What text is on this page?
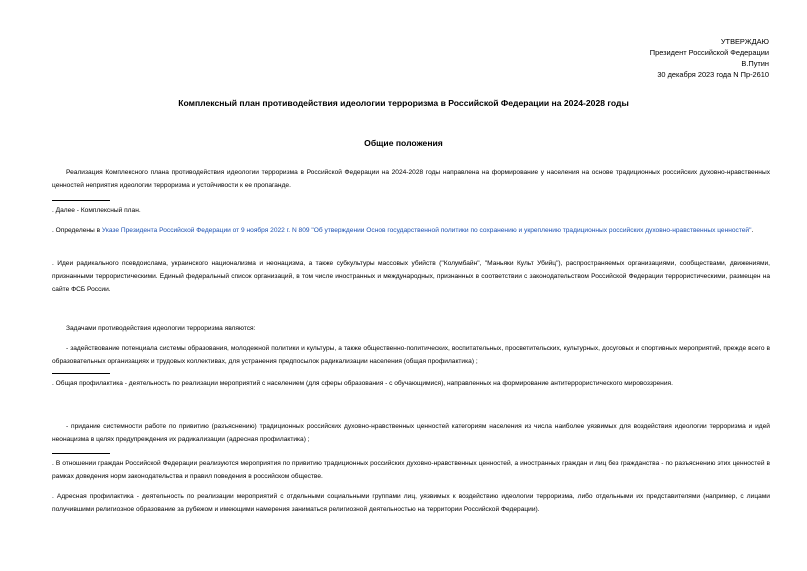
УТВЕРЖДАЮ
Президент Российской Федерации
В.Путин
30 декабря 2023 года N Пр-2610
Комплексный план противодействия идеологии терроризма в Российской Федерации на 2024-2028 годы
Общие положения
Реализация Комплексного плана противодействия идеологии терроризма в Российской Федерации на 2024-2028 годы направлена на формирование у населения на основе традиционных российских духовно-нравственных ценностей неприятия идеологии терроризма и устойчивости к ее пропаганде.
. Далее - Комплексный план.
. Определены в Указе Президента Российской Федерации от 9 ноября 2022 г. N 809 "Об утверждении Основ государственной политики по сохранению и укреплению традиционных российских духовно-нравственных ценностей".
. Идеи радикального псевдоислама, украинского национализма и неонацизма, а также субкультуры массовых убийств ("Колумбайн", "Маньяки Культ Убийц"), распространяемых организациями, сообществами, движениями, признанными террористическими. Единый федеральный список организаций, в том числе иностранных и международных, признанных в соответствии с законодательством Российской Федерации террористическими, размещен на сайте ФСБ России.
Задачами противодействия идеологии терроризма являются:
- задействование потенциала системы образования, молодежной политики и культуры, а также общественно-политических, воспитательных, просветительских, культурных, досуговых и спортивных мероприятий, прежде всего в образовательных организациях и трудовых коллективах, для устранения предпосылок радикализации населения (общая профилактика) ;
. Общая профилактика - деятельность по реализации мероприятий с населением (для сферы образования - с обучающимися), направленных на формирование антитеррористического мировоззрения.
- придание системности работе по привитию (разъяснению) традиционных российских духовно-нравственных ценностей категориям населения из числа наиболее уязвимых для воздействия идеологии терроризма и идей неонацизма в целях предупреждения их радикализации (адресная профилактика) ;
. В отношении граждан Российской Федерации реализуются мероприятия по привитию традиционных российских духовно-нравственных ценностей, а иностранных граждан и лиц без гражданства - по разъяснению этих ценностей в рамках доведения норм законодательства и правил поведения в российском обществе.
. Адресная профилактика - деятельность по реализации мероприятий с отдельными социальными группами лиц, уязвимых к воздействию идеологии терроризма, либо отдельными их представителями (например, с лицами получившими религиозное образование за рубежом и имеющими намерения заниматься религиозной деятельностью на территории Российской Федерации).
